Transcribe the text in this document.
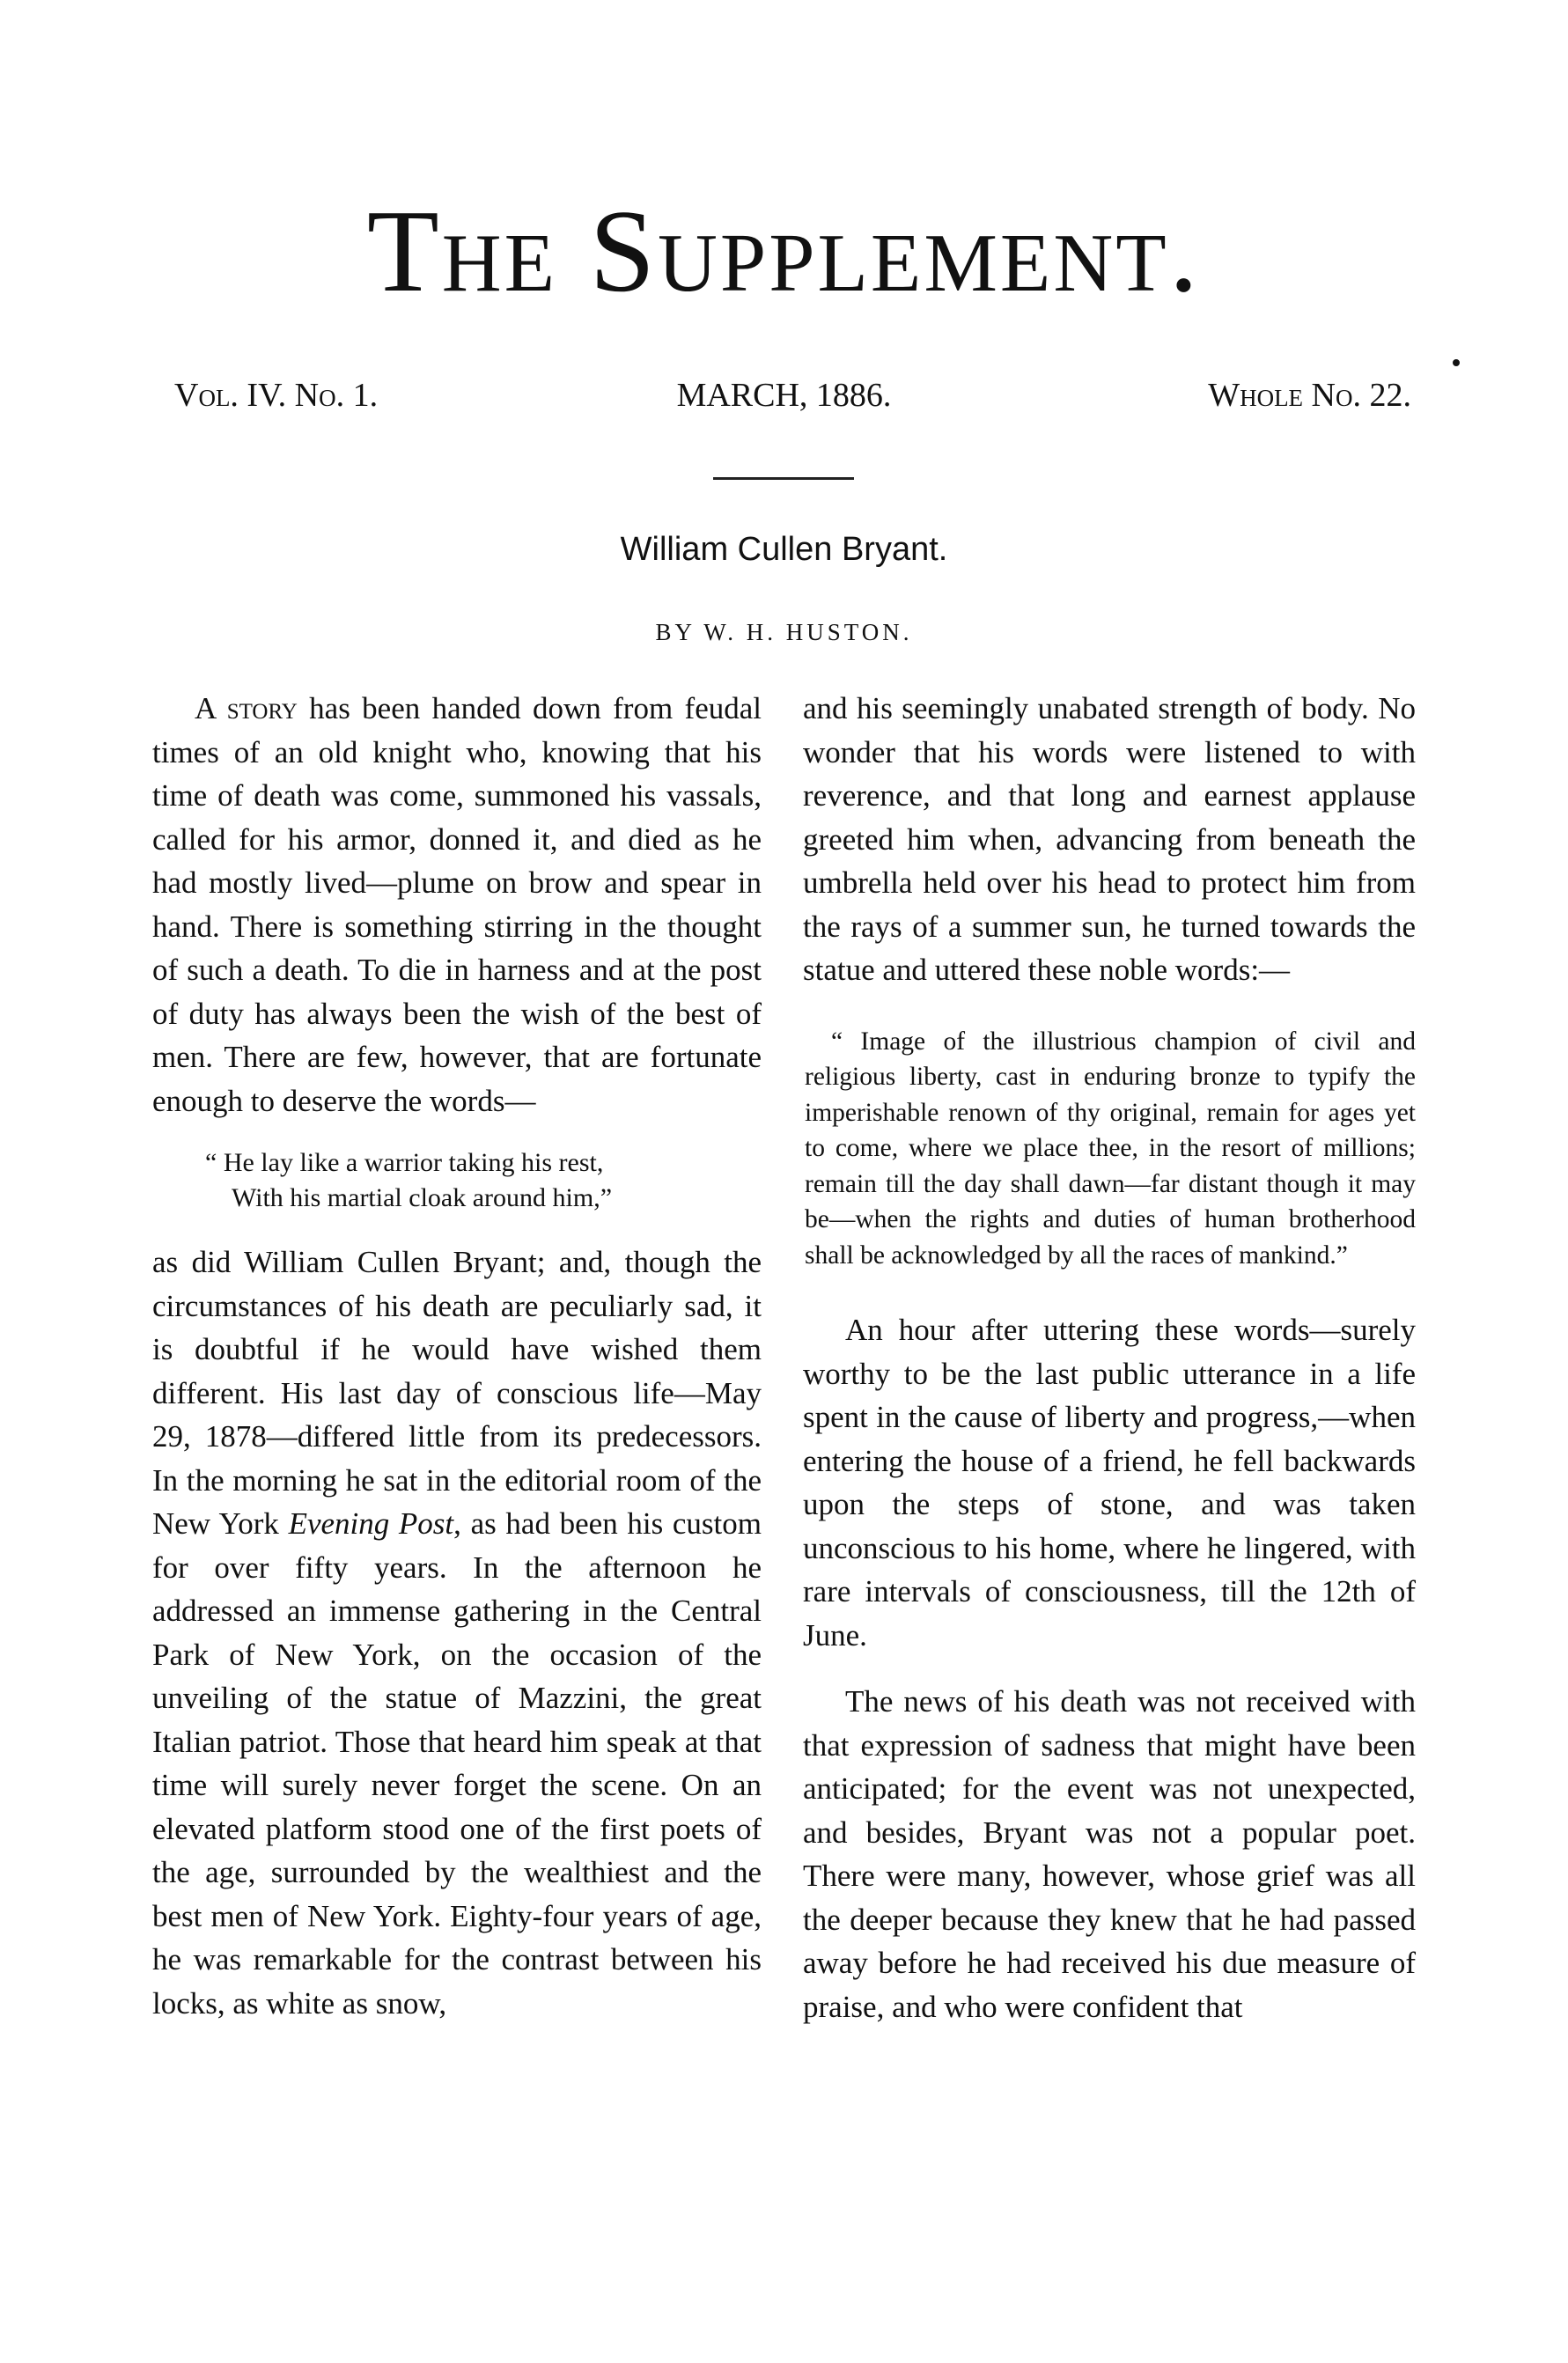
The Supplement.
Vol. IV. No. 1.	MARCH, 1886.	Whole No. 22.
William Cullen Bryant.
BY W. H. HUSTON.

A story has been handed down from feudal times of an old knight who, knowing that his time of death was come, summoned his vassals, called for his armor, donned it, and died as he had mostly lived—plume on brow and spear in hand. There is something stirring in the thought of such a death. To die in harness and at the post of duty has always been the wish of the best of men. There are few, however, that are fortunate enough to deserve the words—

“ He lay like a warrior taking his rest,
With his martial cloak around him,”

as did William Cullen Bryant; and, though the circumstances of his death are peculiarly sad, it is doubtful if he would have wished them different. His last day of conscious life—May 29, 1878—differed little from its predecessors. In the morning he sat in the editorial room of the New York Evening Post, as had been his custom for over fifty years. In the afternoon he addressed an immense gathering in the Central Park of New York, on the occasion of the unveiling of the statue of Mazzini, the great Italian patriot. Those that heard him speak at that time will surely never forget the scene. On an elevated platform stood one of the first poets of the age, surrounded by the wealthiest and the best men of New York. Eighty-four years of age, he was remarkable for the contrast between his locks, as white as snow,

and his seemingly unabated strength of body. No wonder that his words were listened to with reverence, and that long and earnest applause greeted him when, advancing from beneath the umbrella held over his head to protect him from the rays of a summer sun, he turned towards the statue and uttered these noble words:—

“ Image of the illustrious champion of civil and religious liberty, cast in enduring bronze to typify the imperishable renown of thy original, remain for ages yet to come, where we place thee, in the resort of millions; remain till the day shall dawn—far distant though it may be—when the rights and duties of human brotherhood shall be acknowledged by all the races of mankind.”

An hour after uttering these words—surely worthy to be the last public utterance in a life spent in the cause of liberty and progress,—when entering the house of a friend, he fell backwards upon the steps of stone, and was taken unconscious to his home, where he lingered, with rare intervals of consciousness, till the 12th of June.

The news of his death was not received with that expression of sadness that might have been anticipated; for the event was not unexpected, and besides, Bryant was not a popular poet. There were many, however, whose grief was all the deeper because they knew that he had passed away before he had received his due measure of praise, and who were confident that
